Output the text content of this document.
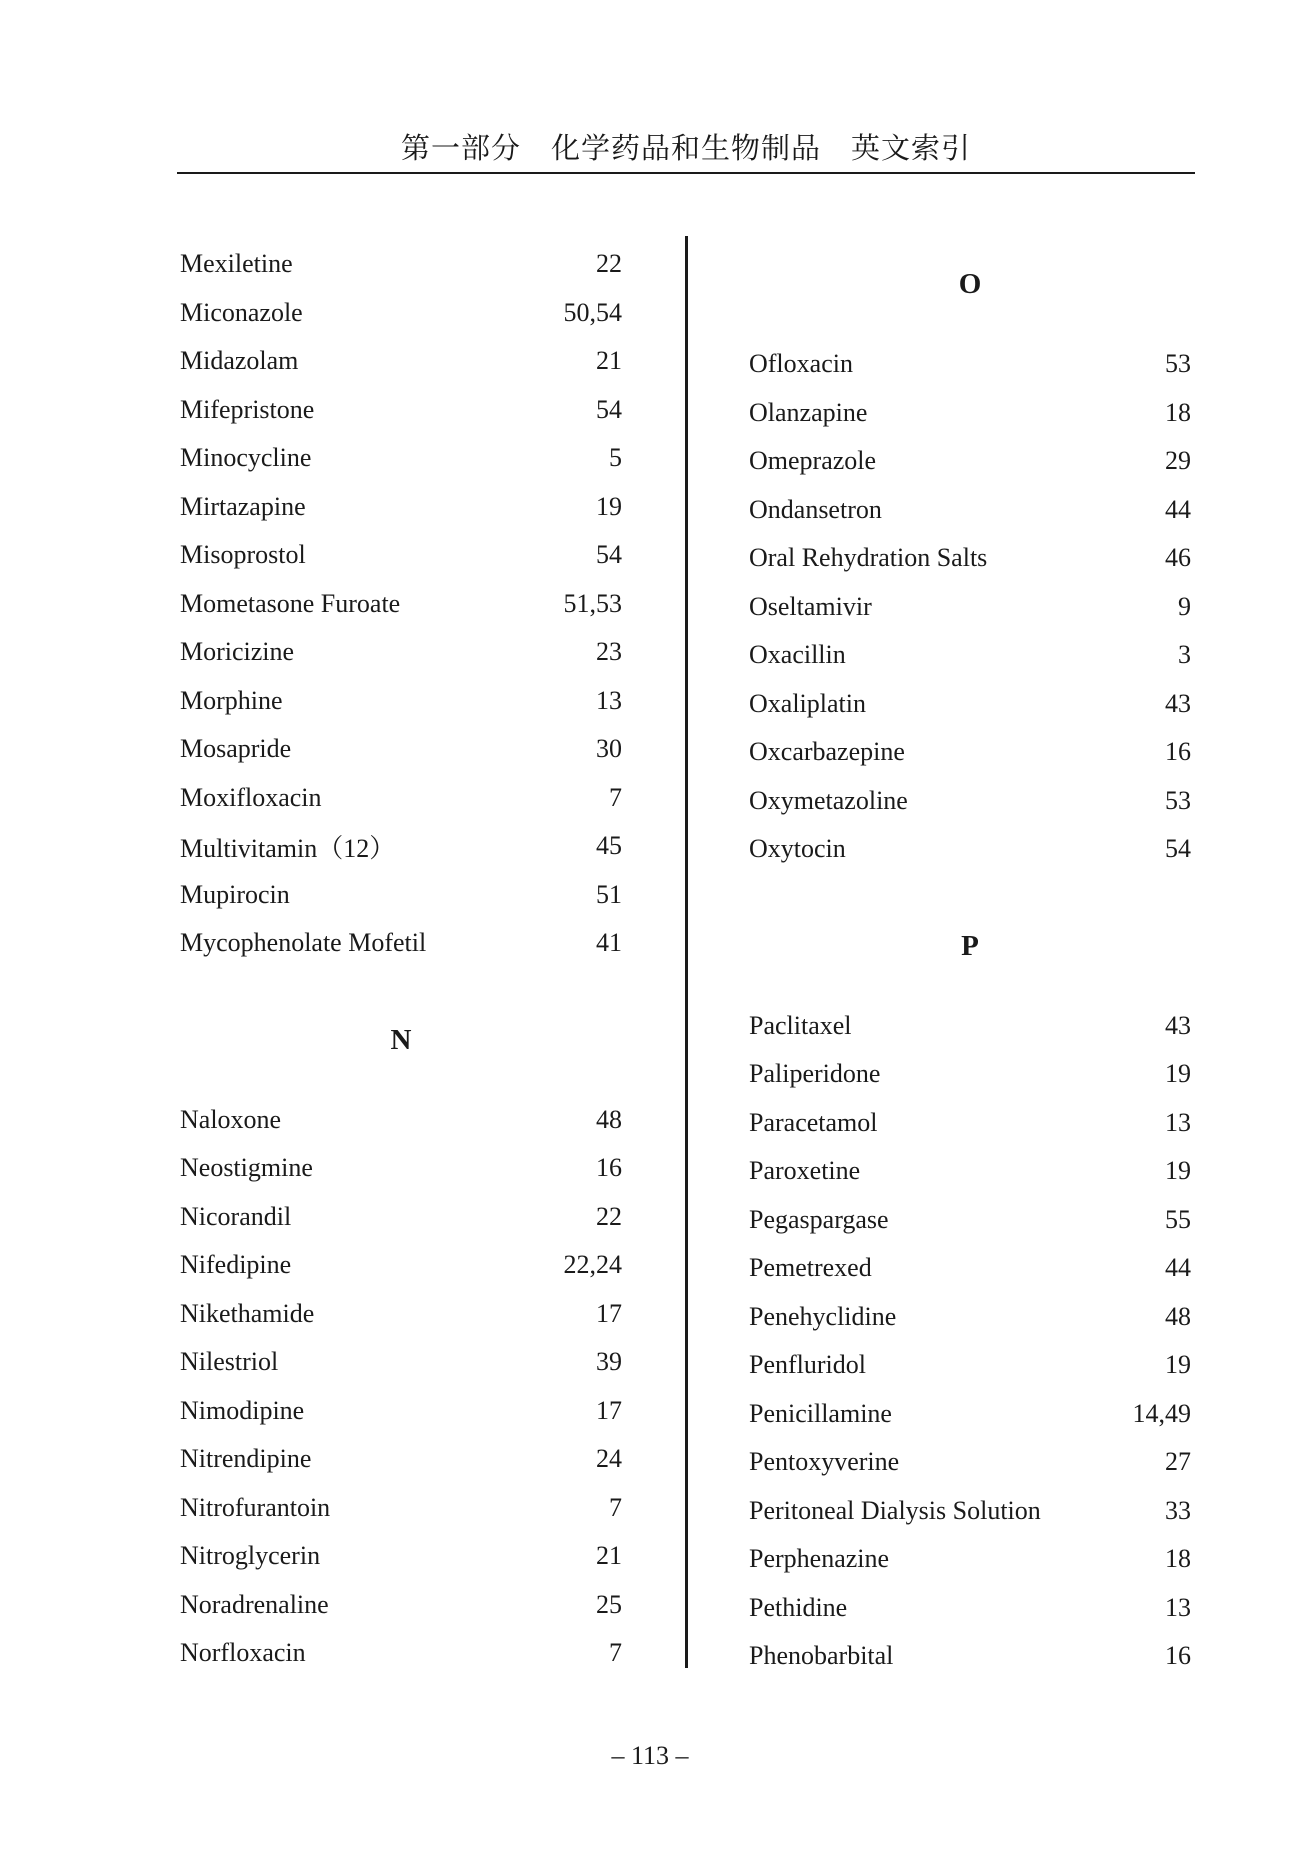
第一部分　化学药品和生物制品　英文索引
Mexiletine	22
Miconazole	50,54
Midazolam	21
Mifepristone	54
Minocycline	5
Mirtazapine	19
Misoprostol	54
Mometasone Furoate	51,53
Moricizine	23
Morphine	13
Mosapride	30
Moxifloxacin	7
Multivitamin（12）	45
Mupirocin	51
Mycophenolate Mofetil	41
N
Naloxone	48
Neostigmine	16
Nicorandil	22
Nifedipine	22,24
Nikethamide	17
Nilestriol	39
Nimodipine	17
Nitrendipine	24
Nitrofurantoin	7
Nitroglycerin	21
Noradrenaline	25
Norfloxacin	7
O
Ofloxacin	53
Olanzapine	18
Omeprazole	29
Ondansetron	44
Oral Rehydration Salts	46
Oseltamivir	9
Oxacillin	3
Oxaliplatin	43
Oxcarbazepine	16
Oxymetazoline	53
Oxytocin	54
P
Paclitaxel	43
Paliperidone	19
Paracetamol	13
Paroxetine	19
Pegaspargase	55
Pemetrexed	44
Penehyclidine	48
Penfluridol	19
Penicillamine	14,49
Pentoxyverine	27
Peritoneal Dialysis Solution	33
Perphenazine	18
Pethidine	13
Phenobarbital	16
– 113 –
